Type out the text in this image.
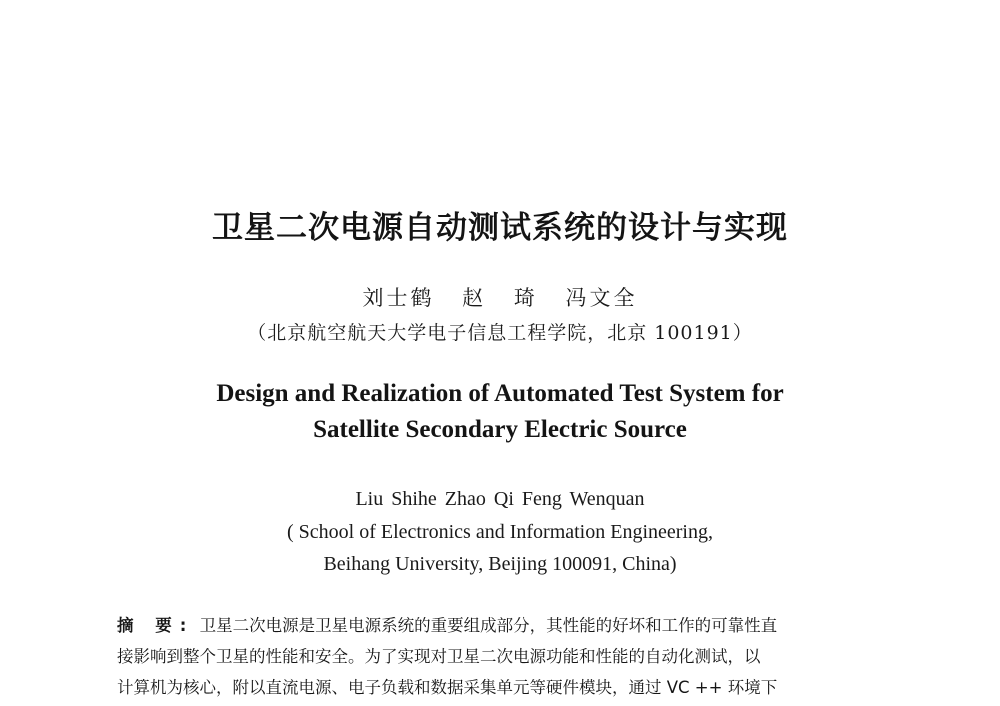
卫星二次电源自动测试系统的设计与实现
刘士鹤 赵 琦 冯文全
（北京航空航天大学电子信息工程学院，北京 100191）
Design and Realization of Automated Test System for
Satellite Secondary Electric Source
Liu Shihe Zhao Qi Feng Wenquan
( School of Electronics and Information Engineering,
Beihang University, Beijing 100091, China)
摘 要: 卫星二次电源是卫星电源系统的重要组成部分，其性能的好坏和工作的可靠性直
接影响到整个卫星的性能和安全。为了实现对卫星二次电源功能和性能的自动化测试，以
计算机为核心，附以直流电源、电子负载和数据采集单元等硬件模块，通过 VC ++ 环境下
